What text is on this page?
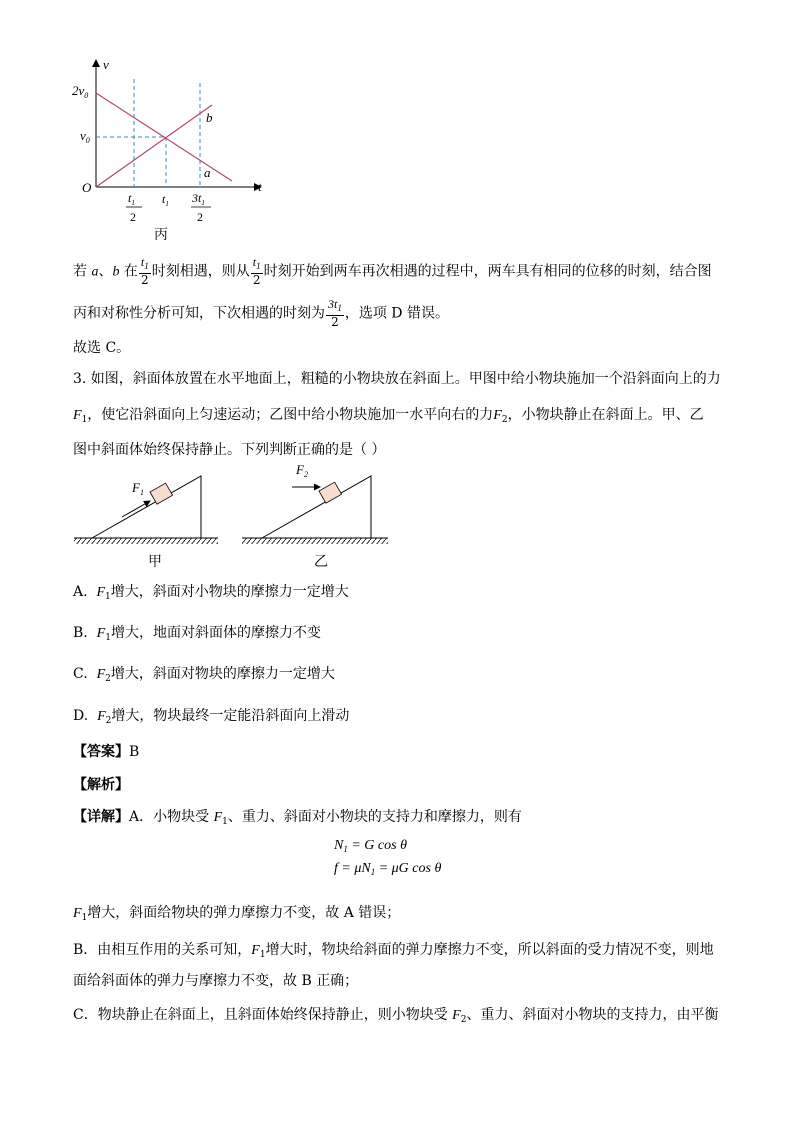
v
t
$2v_0$
$v_0$
O
b
a
$t_1$
2
$t_1$ $3t_1$
2
丙
若 a、b 在 $\frac{t_1}{2}$ 时刻相遇，则从 $\frac{t_1}{2}$ 时刻开始到两车再次相遇的过程中，两车具有相同的位移的时刻，结合图
丙和对称性分析可知，下次相遇的时刻为 $\frac{3t_1}{2}$ ，选项 D 错误。
故选 C。
3. 如图，斜面体放置在水平地面上，粗糙的小物块放在斜面上。甲图中给小物块施加一个沿斜面向上的力
$F_1$，使它沿斜面向上匀速运动；乙图中给小物块施加一水平向右的力$F_2$，小物块静止在斜面上。甲、乙
图中斜面体始终保持静止。下列判断正确的是（ ）
$F_1$
甲
$F_2$
乙
A. $F_1$增大，斜面对小物块的摩擦力一定增大
B. $F_1$增大，地面对斜面体的摩擦力不变
C. $F_2$增大，斜面对物块的摩擦力一定增大
D. $F_2$增大，物块最终一定能沿斜面向上滑动
【答案】B
【解析】
【详解】A．小物块受 $F_1$、重力、斜面对小物块的支持力和摩擦力，则有
$N_1 = G$ cos θ
$f = \mu N_1 = \mu G$ cos θ
$F_1$增大，斜面给物块的弹力摩擦力不变，故 A 错误；
B．由相互作用的关系可知，$F_1$增大时，物块给斜面的弹力摩擦力不变，所以斜面的受力情况不变，则地
面给斜面体的弹力与摩擦力不变，故 B 正确；
C．物块静止在斜面上，且斜面体始终保持静止，则小物块受 $F_2$、重力、斜面对小物块的支持力，由平衡
